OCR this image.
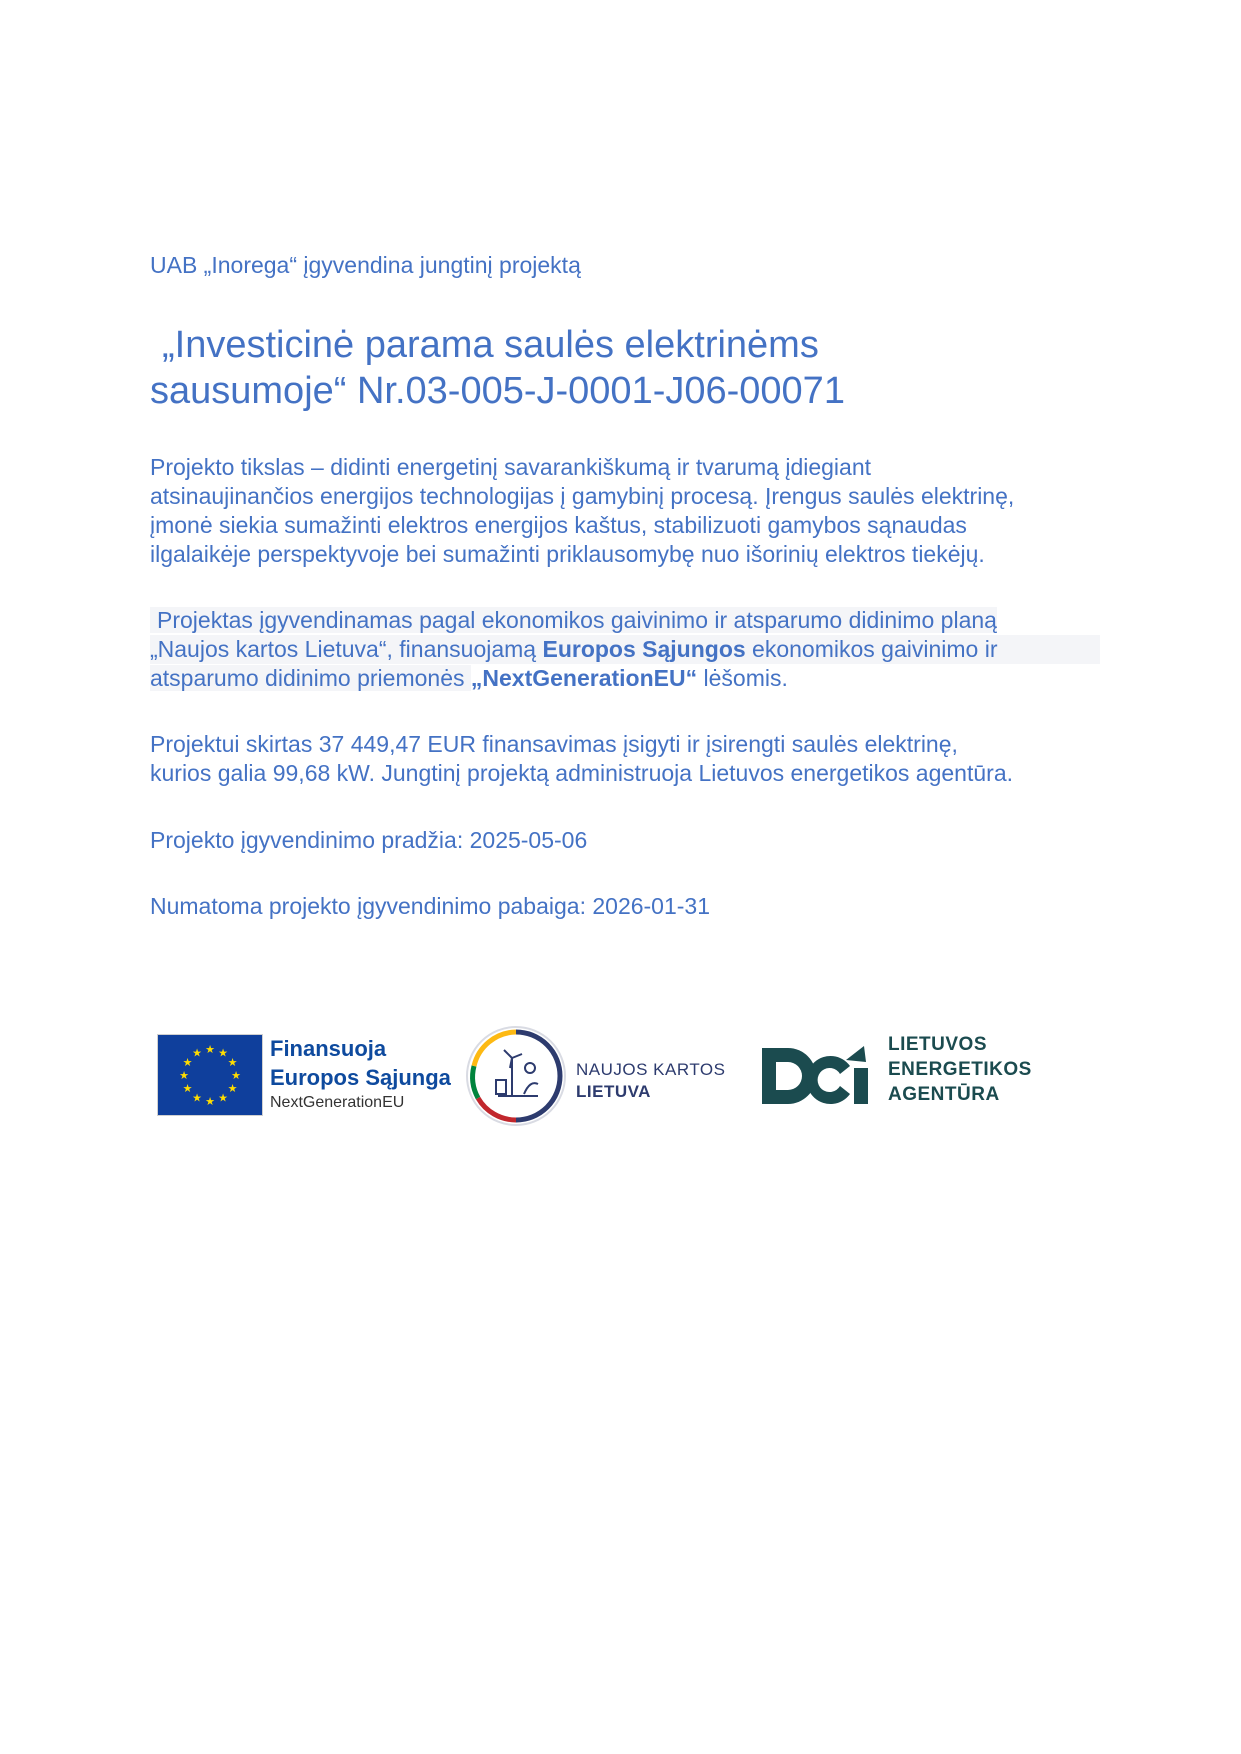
UAB „Inorega“ įgyvendina jungtinį projektą

„Investicinė parama saulės elektrinėms
sausumoje“ Nr.03-005-J-0001-J06-00071
Projekto tikslas – didinti energetinį savarankiškumą ir tvarumą įdiegiant
atsinaujinančios energijos technologijas į gamybinį procesą. Įrengus saulės elektrinę,
įmonė siekia sumažinti elektros energijos kaštus, stabilizuoti gamybos sąnaudas
ilgalaikėje perspektyvoje bei sumažinti priklausomybę nuo išorinių elektros tiekėjų.
Projektas įgyvendinamas pagal ekonomikos gaivinimo ir atsparumo didinimo planą
„Naujos kartos Lietuva“, finansuojamą Europos Sąjungos ekonomikos gaivinimo ir
atsparumo didinimo priemonės „NextGenerationEU“ lėšomis.
Projektui skirtas 37 449,47 EUR finansavimas įsigyti ir įsirengti saulės elektrinę,
kurios galia 99,68 kW. Jungtinį projektą administruoja Lietuvos energetikos agentūra.

Projekto įgyvendinimo pradžia: 2025-05-06

Numatoma projekto įgyvendinimo pabaiga: 2026-01-31

★ ★
★
★
★
★
★
★
★
★
★
★	Finansuoja
Europos Sąjunga
NextGenerationEU
NAUJOS KARTOS
LIETUVA
LIETUVOS
ENERGETIKOS
AGENTŪRA
